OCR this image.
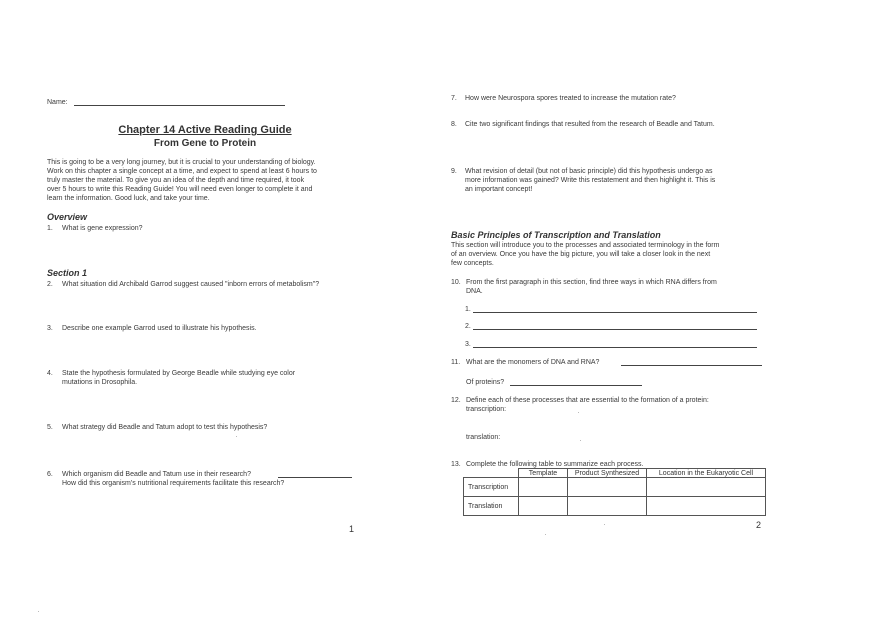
Name:
Chapter 14 Active Reading Guide
From Gene to Protein
This is going to be a very long journey, but it is crucial to your understanding of biology.
Work on this chapter a single concept at a time, and expect to spend at least 6 hours to
truly master the material. To give you an idea of the depth and time required, it took
over 5 hours to write this Reading Guide! You will need even longer to complete it and
learn the information. Good luck, and take your time.
Overview
1. What is gene expression?
Section 1
2. What situation did Archibald Garrod suggest caused "inborn errors of metabolism"?
3. Describe one example Garrod used to illustrate his hypothesis.
4. State the hypothesis formulated by George Beadle while studying eye color
mutations in Drosophila.
5. What strategy did Beadle and Tatum adopt to test this hypothesis?
6. Which organism did Beadle and Tatum use in their research?
How did this organism's nutritional requirements facilitate this research?
1
7. How were Neurospora spores treated to increase the mutation rate?
8. Cite two significant findings that resulted from the research of Beadle and Tatum.
9. What revision of detail (but not of basic principle) did this hypothesis undergo as
more information was gained? Write this restatement and then highlight it. This is
an important concept!
Basic Principles of Transcription and Translation
This section will introduce you to the processes and associated terminology in the form
of an overview. Once you have the big picture, you will take a closer look in the next
few concepts.
10. From the first paragraph in this section, find three ways in which RNA differs from
DNA.
1.
2.
3.
11. What are the monomers of DNA and RNA?
Of proteins?
12. Define each of these processes that are essential to the formation of a protein:
transcription:
translation:
13. Complete the following table to summarize each process.
	Template	Product Synthesized	Location in the Eukaryotic Cell
Transcription			
Translation			
2
